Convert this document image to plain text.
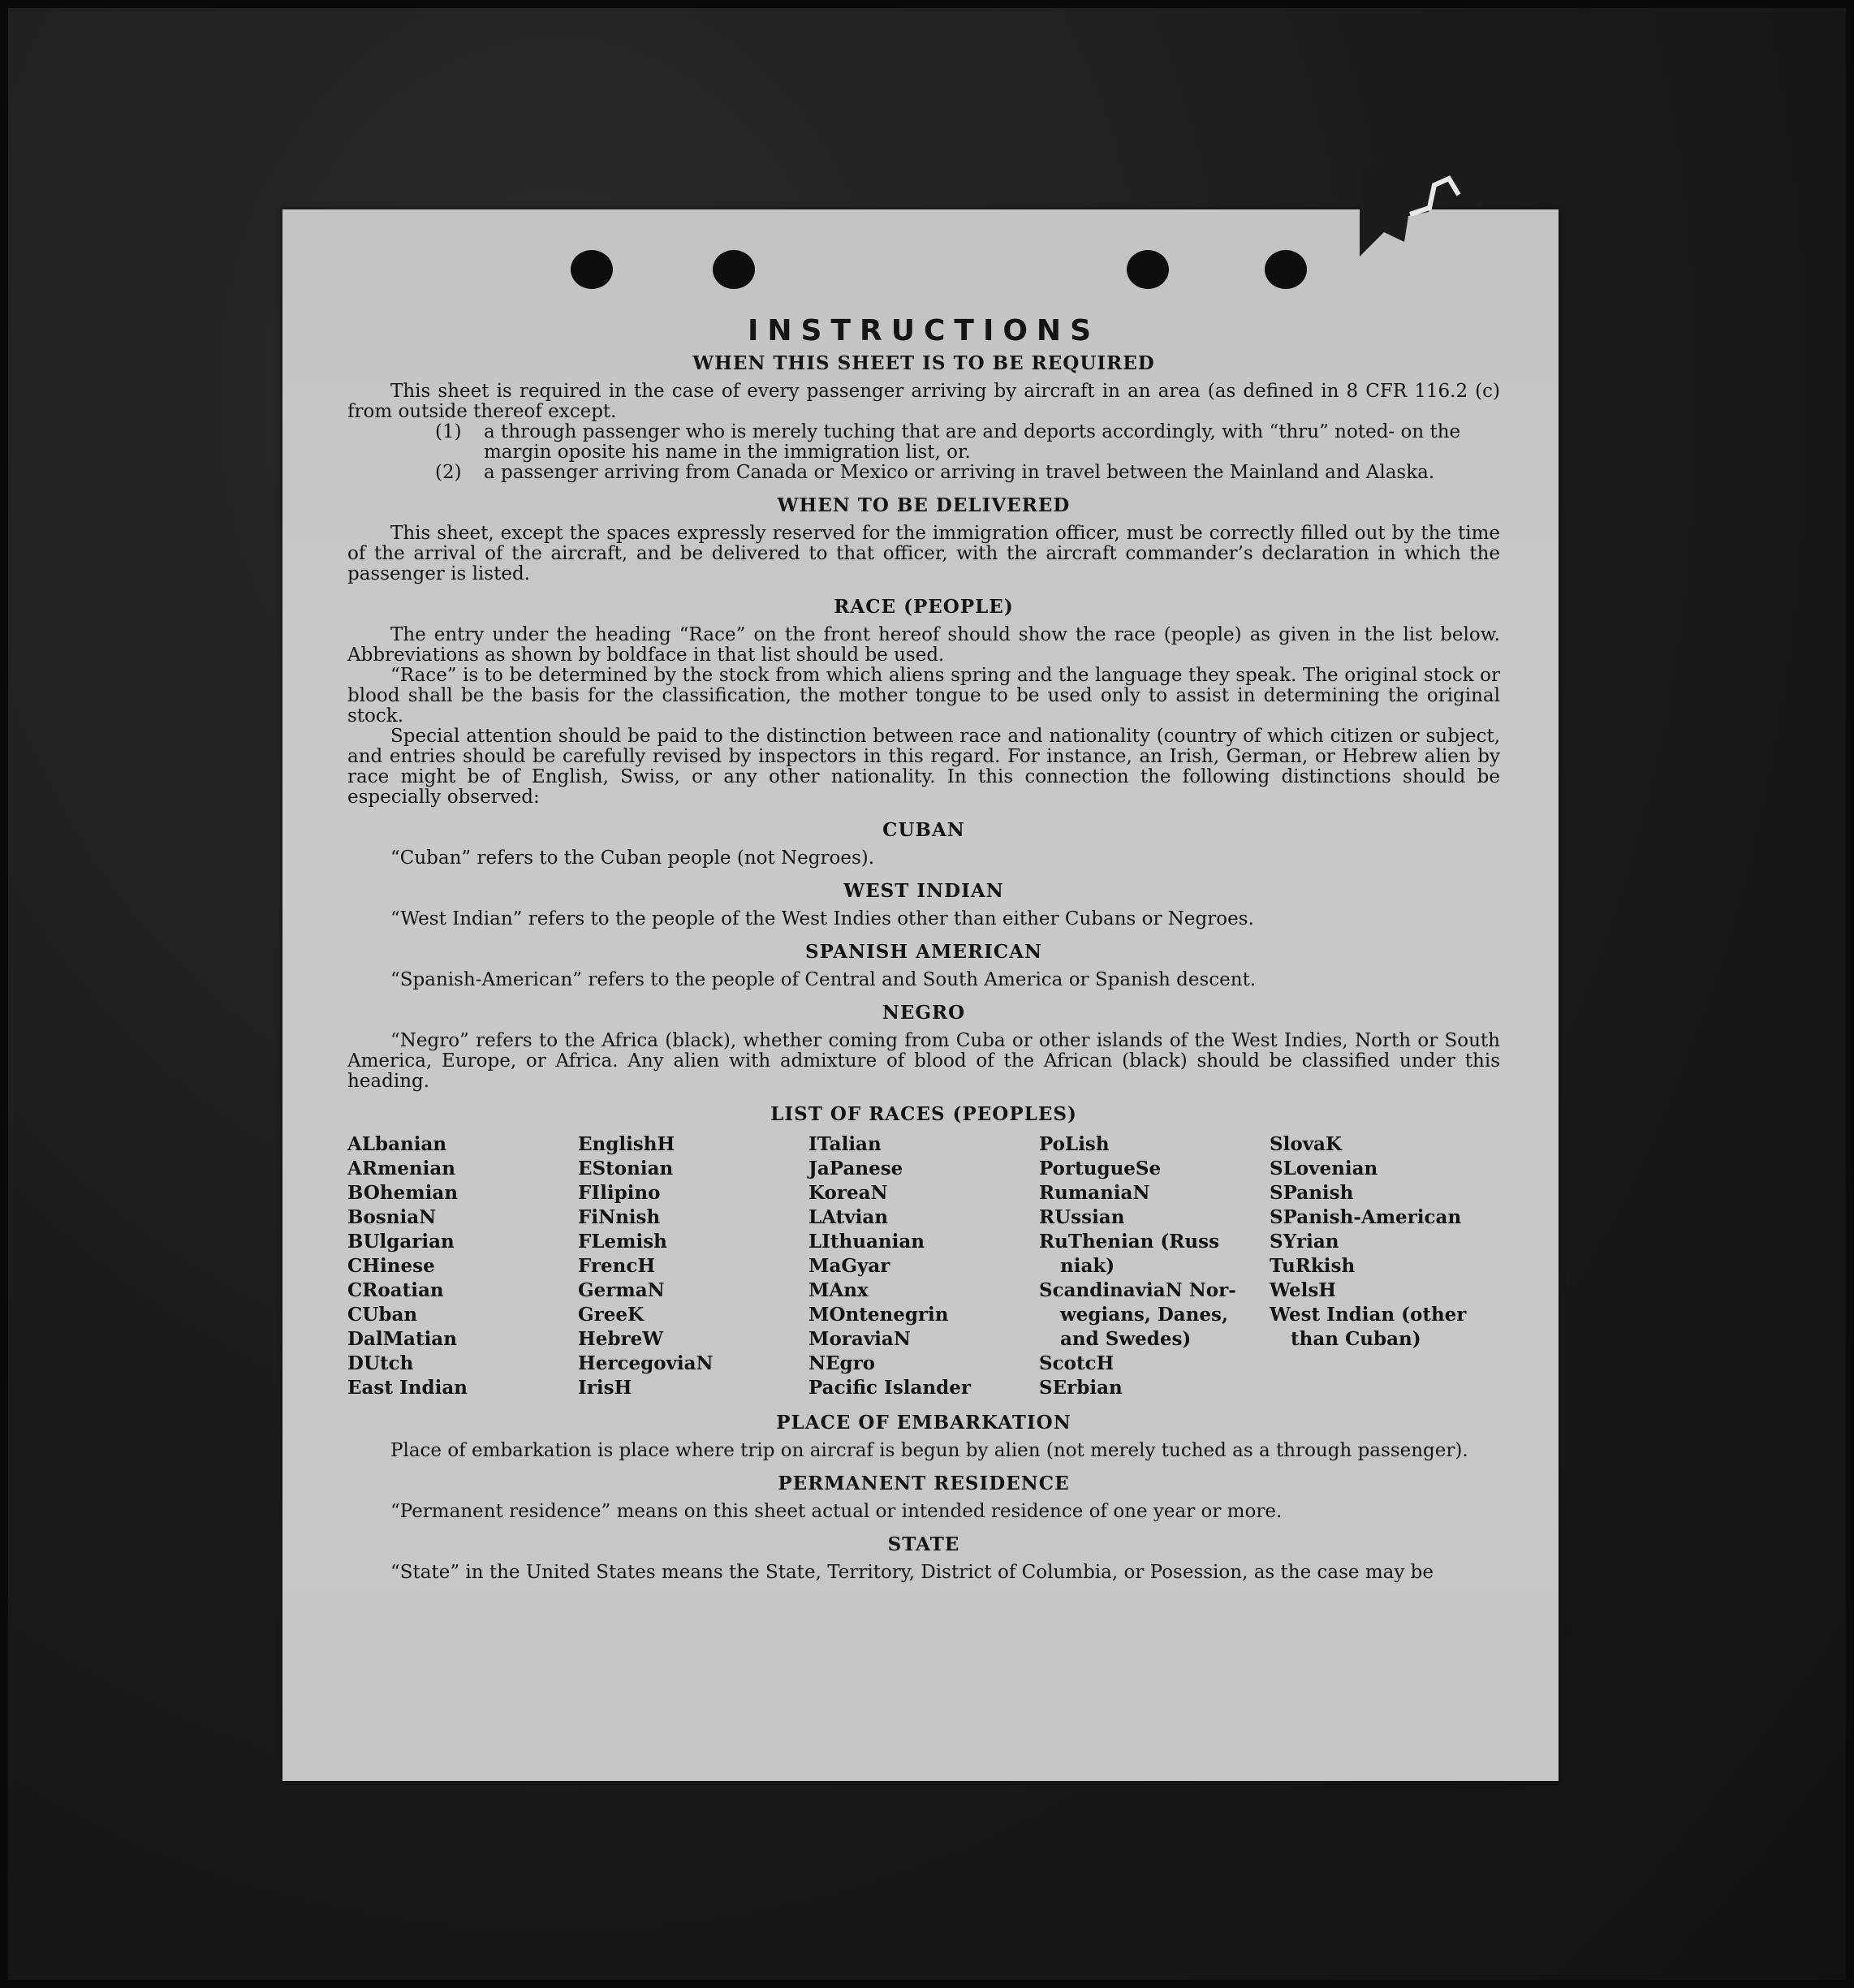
INSTRUCTIONS
WHEN THIS SHEET IS TO BE REQUIRED

This sheet is required in the case of every passenger arriving by aircraft in an area (as defined in 8 CFR 116.2 (c) from outside thereof except.

(1)	a through passenger who is merely tuching that are and deports accordingly, with “thru” noted- on the margin oposite his name in the immigration list, or.
(2)	a passenger arriving from Canada or Mexico or arriving in travel between the Mainland and Alaska.
WHEN TO BE DELIVERED

This sheet, except the spaces expressly reserved for the immigration officer, must be correctly filled out by the time of the arrival of the aircraft, and be delivered to that officer, with the aircraft commander’s declaration in which the passenger is listed.

RACE (PEOPLE)

The entry under the heading “Race” on the front hereof should show the race (people) as given in the list below. Abbreviations as shown by boldface in that list should be used.

“Race” is to be determined by the stock from which aliens spring and the language they speak. The original stock or blood shall be the basis for the classification, the mother tongue to be used only to assist in determining the original stock.

Special attention should be paid to the distinction between race and nationality (country of which citizen or subject, and entries should be carefully revised by inspectors in this regard. For instance, an Irish, German, or Hebrew alien by race might be of English, Swiss, or any other nationality. In this connection the following distinctions should be especially observed:

CUBAN

“Cuban” refers to the Cuban people (not Negroes).

WEST INDIAN

“West Indian” refers to the people of the West Indies other than either Cubans or Negroes.

SPANISH AMERICAN

“Spanish-American” refers to the people of Central and South America or Spanish descent.

NEGRO

“Negro” refers to the Africa (black), whether coming from Cuba or other islands of the West Indies, North or South America, Europe, or Africa. Any alien with admixture of blood of the African (black) should be classified under this heading.

LIST OF RACES (PEOPLES)
ALbanian
ARmenian
BOhemian
BosniaN
BUlgarian
CHinese
CRoatian
CUban
DalMatian
DUtch
East Indian
EnglishH
EStonian
FIlipino
FiNnish
FLemish
FrencH
GermaN
GreeK
HebreW
HercegoviaN
IrisH
ITalian
JaPanese
KoreaN
LAtvian
LIthuanian
MaGyar
MAnx
MOntenegrin
MoraviaN
NEgro
Pacific Islander
PoLish
PortugueSe
RumaniaN
RUssian
RuThenian (Russ
niak)
ScandinaviaN Nor-
wegians, Danes,
and Swedes)
ScotcH
SErbian
SlovaK
SLovenian
SPanish
SPanish-American
SYrian
TuRkish
WelsH
West Indian (other
than Cuban)
PLACE OF EMBARKATION

Place of embarkation is place where trip on aircraf is begun by alien (not merely tuched as a through passenger).

PERMANENT RESIDENCE

“Permanent residence” means on this sheet actual or intended residence of one year or more.

STATE

“State” in the United States means the State, Territory, District of Columbia, or Posession, as the case may be
